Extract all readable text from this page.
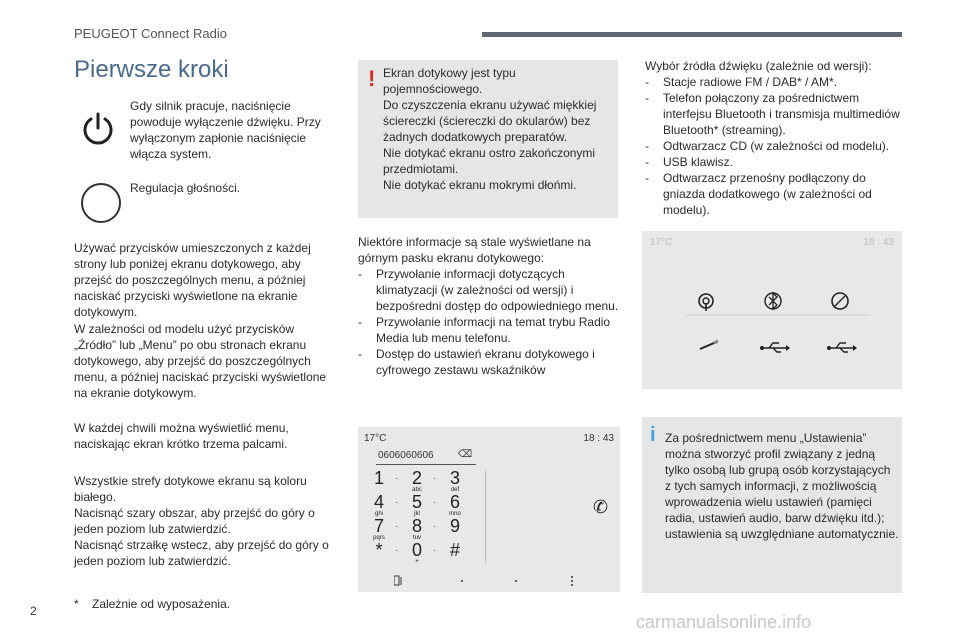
PEUGEOT Connect Radio
Pierwsze kroki
Gdy silnik pracuje, naciśnięcie powoduje wyłączenie dźwięku. Przy wyłączonym zapłonie naciśnięcie włącza system.
Regulacja głośności.
Używać przycisków umieszczonych z każdej strony lub poniżej ekranu dotykowego, aby przejść do poszczególnych menu, a później naciskać przyciski wyświetlone na ekranie dotykowym.
W zależności od modelu użyć przycisków „Źródło” lub „Menu” po obu stronach ekranu dotykowego, aby przejść do poszczególnych menu, a później naciskać przyciski wyświetlone na ekranie dotykowym.
W każdej chwili można wyświetlić menu, naciskając ekran krótko trzema palcami.

Wszystkie strefy dotykowe ekranu są koloru białego.

Nacisnąć szary obszar, aby przejść do góry o jeden poziom lub zatwierdzić.

Nacisnąć strzałkę wstecz, aby przejść do góry o jeden poziom lub zatwierdzić.

* Zależnie od wyposażenia.
! Ekran dotykowy jest typu pojemnościowego.

Do czyszczenia ekranu używać miękkiej ściereczki (ściereczki do okularów) bez żadnych dodatkowych preparatów.

Nie dotykać ekranu ostro zakończonymi przedmiotami.

Nie dotykać ekranu mokrymi dłońmi.

Niektóre informacje są stale wyświetlane na górnym pasku ekranu dotykowego:

- Przywołanie informacji dotyczących klimatyzacji (w zależności od wersji) i bezpośredni dostęp do odpowiedniego menu.
- Przywołanie informacji na temat trybu Radio Media lub menu telefonu.
- Dostęp do ustawień ekranu dotykowego i cyfrowego zestawu wskaźników

Wybór źródła dźwięku (zależnie od wersji):

- Stacje radiowe FM / DAB* / AM*.
- Telefon połączony za pośrednictwem interfejsu Bluetooth i transmisja multimediów Bluetooth* (streaming).
- Odtwarzacz CD (w zależności od modelu).
- USB klawisz.
- Odtwarzacz przenośny podłączony do gniazda dodatkowego (w zależności od modelu).
17°C	18 : 43
17°C	18 : 43
0606060606 ⌫
1	2
abc
3
def
4
ghi
5
jkl
6
mno
7
pqrs
8
tuv
9
*	0
+
#
·	·
·	·
·	·
·	·
✆
i Za pośrednictwem menu „Ustawienia” można stworzyć profil związany z jedną tylko osobą lub grupą osób korzystających z tych samych informacji, z możliwością wprowadzenia wielu ustawień (pamięci radia, ustawień audio, barw dźwięku itd.); ustawienia są uwzględniane automatycznie.
2
carmanualsonline.info
